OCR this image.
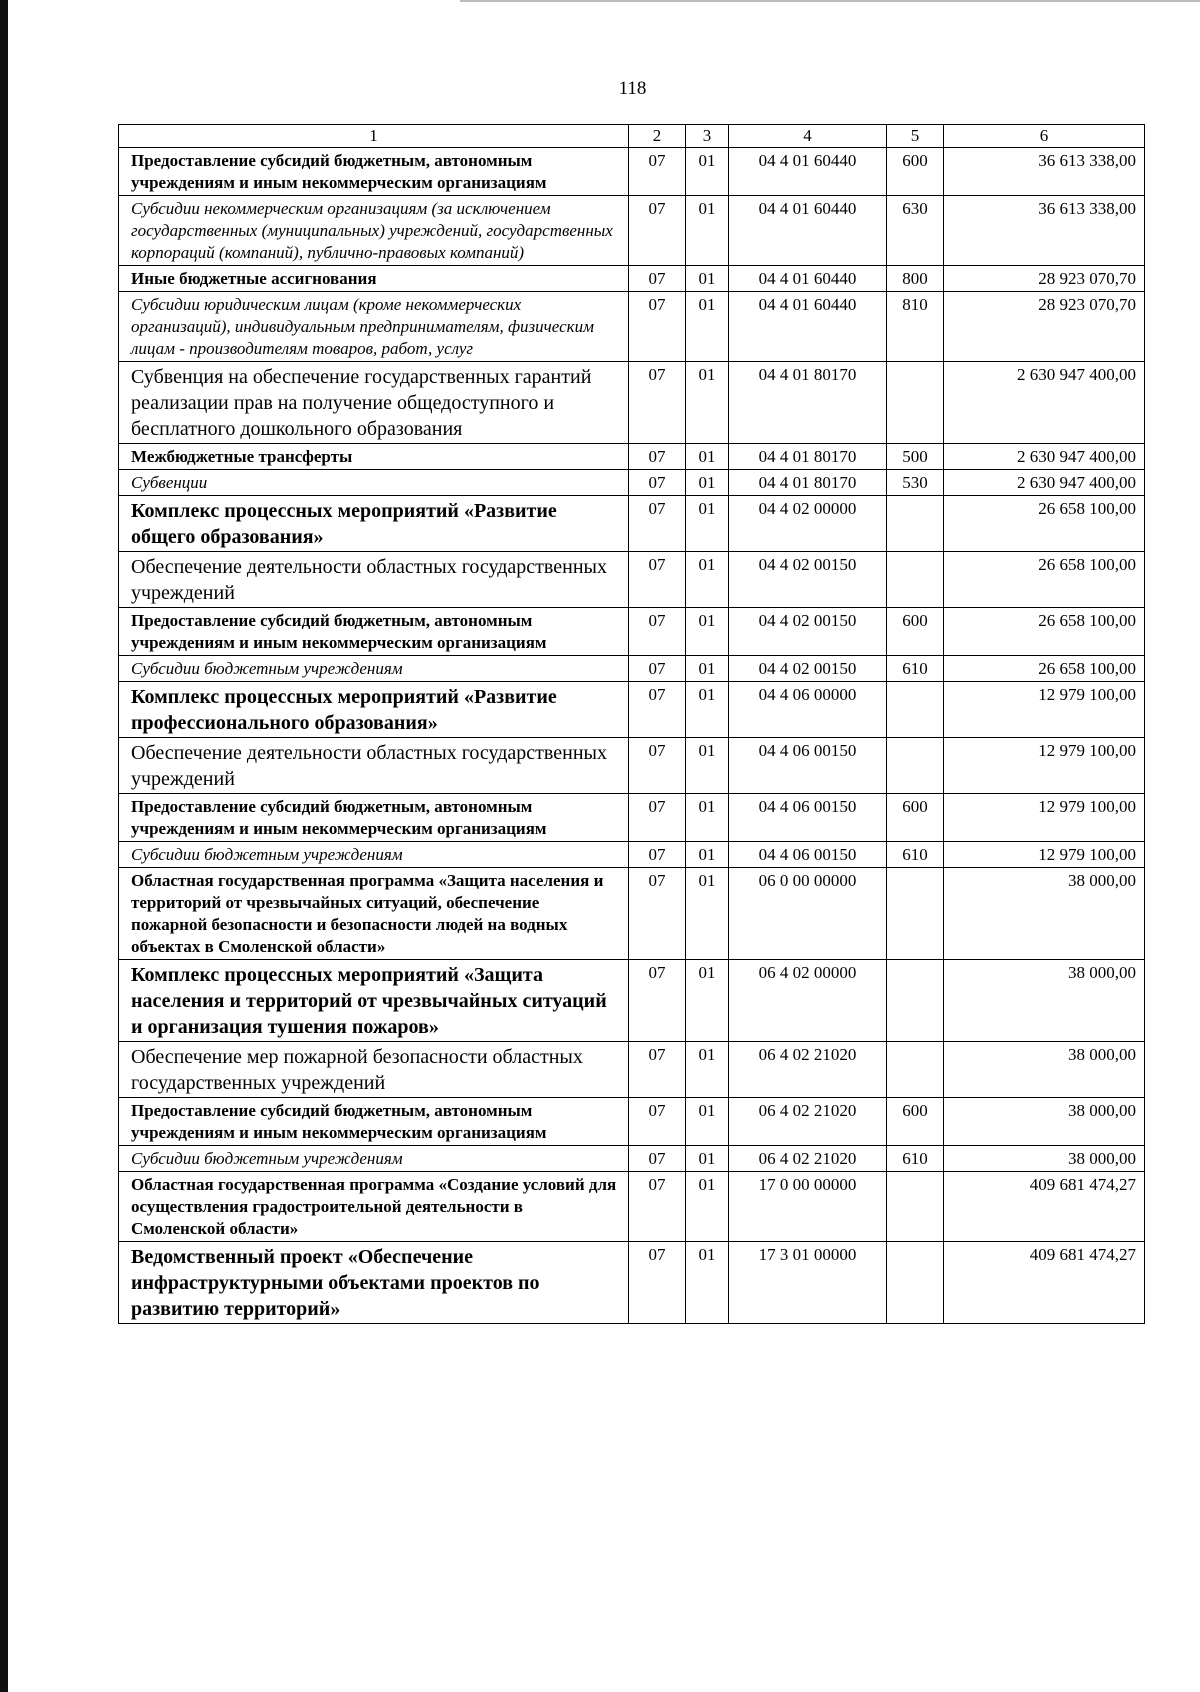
118
1	2	3	4	5	6
Предоставление субсидий бюджетным, автономным учреждениям и иным некоммерческим организациям	07	01	04 4 01 60440	600	36 613 338,00
Субсидии некоммерческим организациям (за исключением государственных (муниципальных) учреждений, государственных корпораций (компаний), публично-правовых компаний)	07	01	04 4 01 60440	630	36 613 338,00
Иные бюджетные ассигнования	07	01	04 4 01 60440	800	28 923 070,70
Субсидии юридическим лицам (кроме некоммерческих организаций), индивидуальным предпринимателям, физическим лицам - производителям товаров, работ, услуг	07	01	04 4 01 60440	810	28 923 070,70
Субвенция на обеспечение государственных гарантий реализации прав на получение общедоступного и бесплатного дошкольного образования	07	01	04 4 01 80170		2 630 947 400,00
Межбюджетные трансферты	07	01	04 4 01 80170	500	2 630 947 400,00
Субвенции	07	01	04 4 01 80170	530	2 630 947 400,00
Комплекс процессных мероприятий «Развитие общего образования»	07	01	04 4 02 00000		26 658 100,00
Обеспечение деятельности областных государственных учреждений	07	01	04 4 02 00150		26 658 100,00
Предоставление субсидий бюджетным, автономным учреждениям и иным некоммерческим организациям	07	01	04 4 02 00150	600	26 658 100,00
Субсидии бюджетным учреждениям	07	01	04 4 02 00150	610	26 658 100,00
Комплекс процессных мероприятий «Развитие профессионального образования»	07	01	04 4 06 00000		12 979 100,00
Обеспечение деятельности областных государственных учреждений	07	01	04 4 06 00150		12 979 100,00
Предоставление субсидий бюджетным, автономным учреждениям и иным некоммерческим организациям	07	01	04 4 06 00150	600	12 979 100,00
Субсидии бюджетным учреждениям	07	01	04 4 06 00150	610	12 979 100,00
Областная государственная программа «Защита населения и территорий от чрезвычайных ситуаций, обеспечение пожарной безопасности и безопасности людей на водных объектах в Смоленской области»	07	01	06 0 00 00000		38 000,00
Комплекс процессных мероприятий «Защита населения и территорий от чрезвычайных ситуаций и организация тушения пожаров»	07	01	06 4 02 00000		38 000,00
Обеспечение мер пожарной безопасности областных государственных учреждений	07	01	06 4 02 21020		38 000,00
Предоставление субсидий бюджетным, автономным учреждениям и иным некоммерческим организациям	07	01	06 4 02 21020	600	38 000,00
Субсидии бюджетным учреждениям	07	01	06 4 02 21020	610	38 000,00
Областная государственная программа «Создание условий для осуществления градостроительной деятельности в Смоленской области»	07	01	17 0 00 00000		409 681 474,27
Ведомственный проект «Обеспечение инфраструктурными объектами проектов по развитию территорий»	07	01	17 3 01 00000		409 681 474,27
